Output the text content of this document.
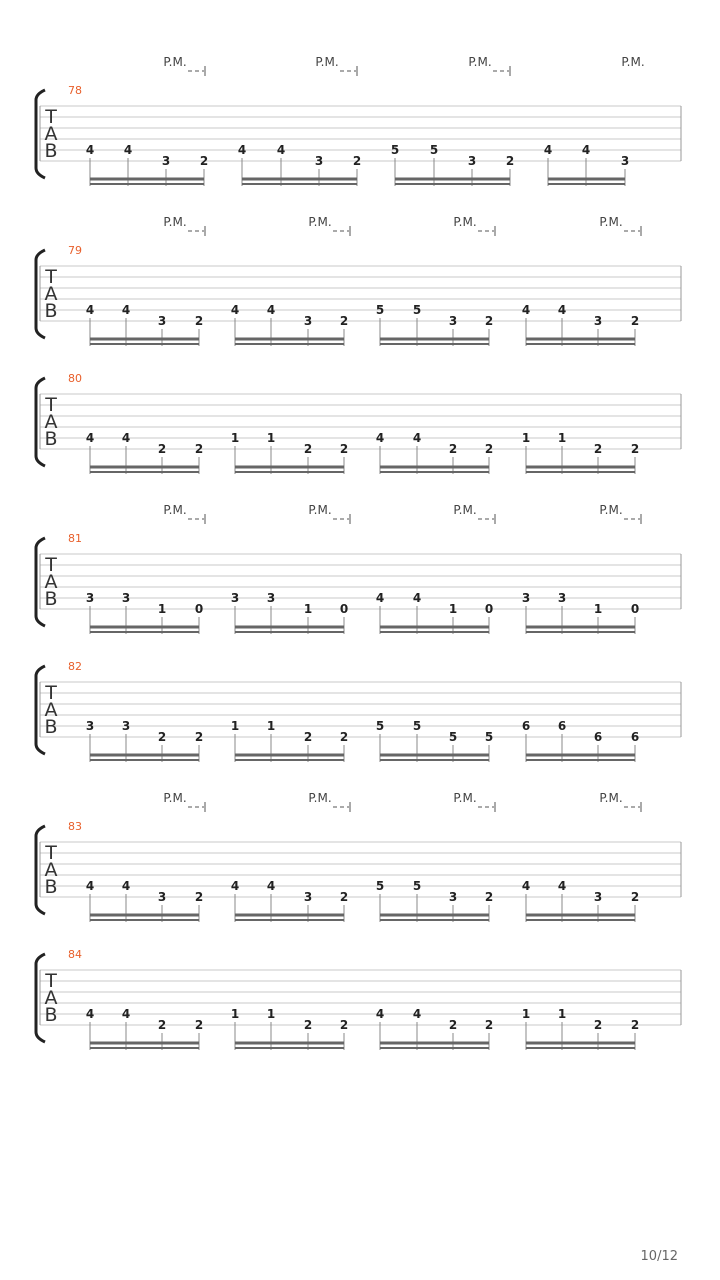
T
A
B
78
P.M.	P.M.	P.M.	P.M.
4 4
3 2
4	4
3 2
5	5
3 2
4 4
3
T
A
B
79
P.M.	P.M.	P.M.	P.M.
4 4
3 2
4 4
3 2
5 5
3 2
4 4
3 2
T
A
B
80
4 4
2 2
1 1
2 2
4 4
2 2
1 1
2 2
T
A
B
81
P.M.	P.M.	P.M.	P.M.
3 3
1 0
3 3
1 0
4 4
1 0
3 3
1 0
T
A
B
82
3 3
2 2
1 1
2 2
5 5
5 5
6 6
6 6
T
A
B
83
P.M.	P.M.	P.M.	P.M.
4 4
3 2
4 4
3 2
5 5
3 2
4 4
3 2
T
A
B
84
4 4
2 2
1 1
2 2
4 4
2 2
1 1
2 2
10/12
